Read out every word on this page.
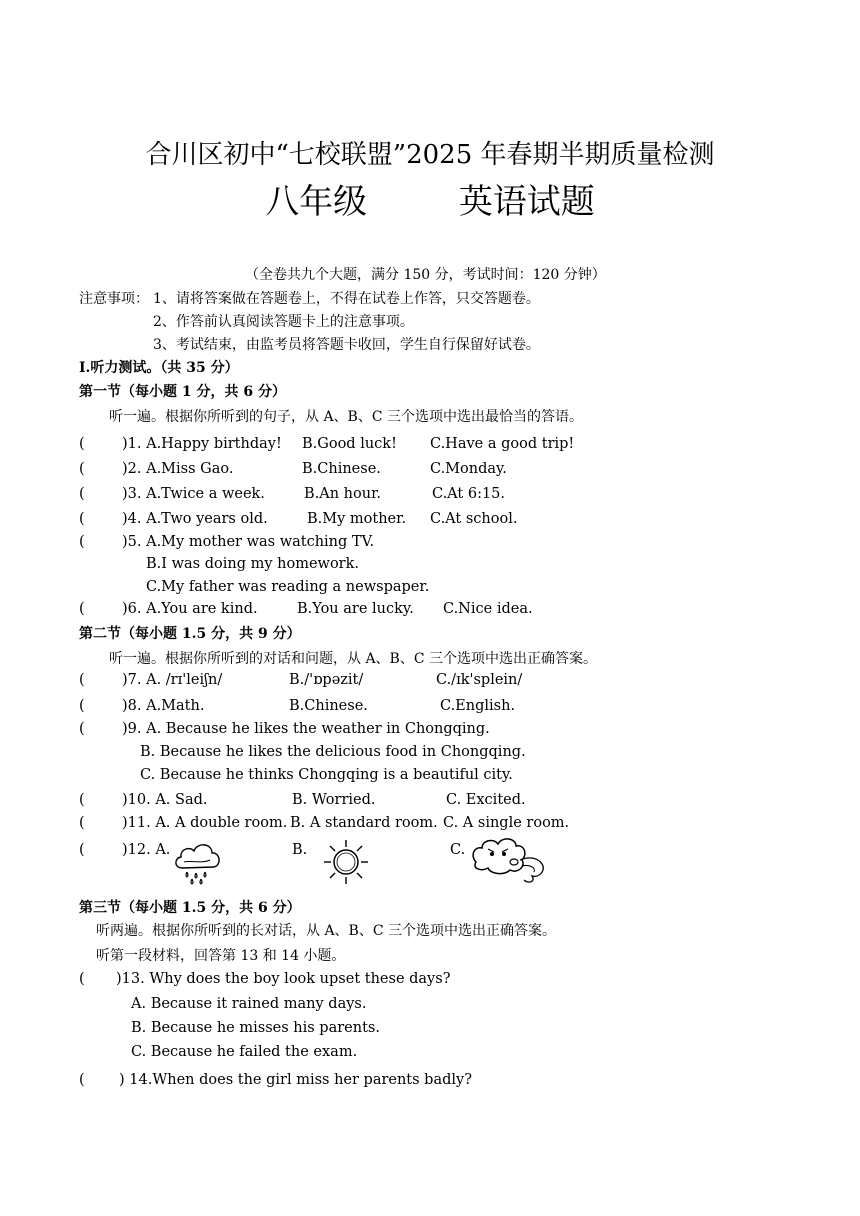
合川区初中“七校联盟”2025 年春期半期质量检测
八年级	英语试题
（全卷共九个大题，满分 150 分，考试时间：120 分钟）
注意事项： 1、请将答案做在答题卷上，不得在试卷上作答，只交答题卷。
2、作答前认真阅读答题卡上的注意事项。
3、考试结束，由监考员将答题卡收回，学生自行保留好试卷。
Ⅰ.听力测试。（共 35 分）
第一节（每小题 1 分，共 6 分）
听一遍。根据你所听到的句子，从 A、B、C 三个选项中选出最恰当的答语。
(	)1. A.Happy birthday! B.Good luck! C.Have a good trip!
(	)2. A.Miss Gao.	B.Chinese.	C.Monday.
(	)3. A.Twice a week.	B.An hour.	C.At 6:15.
(	)4. A.Two years old.	B.My mother. C.At school.
(	)5. A.My mother was watching TV.
B.I was doing my homework.
C.My father was reading a newspaper.
(	)6. A.You are kind.	B.You are lucky. C.Nice idea.
第二节（每小题 1.5 分，共 9 分）
听一遍。根据你所听到的对话和问题，从 A、B、C 三个选项中选出正确答案。
(	)7. A. /rɪ'leiʃn/	B./'ɒpəzit/	C./ɪk'splein/
(	)8. A.Math.	B.Chinese.	C.English.
(	)9. A. Because he likes the weather in Chongqing.
B. Because he likes the delicious food in Chongqing.
C. Because he thinks Chongqing is a beautiful city.
(	)10. A. Sad.	B. Worried.	C. Excited.
(	)11. A. A double room. B. A standard room. C. A single room.
(	)12. A.	B.	C.
第三节（每小题 1.5 分，共 6 分）
听两遍。根据你所听到的长对话，从 A、B、C 三个选项中选出正确答案。
听第一段材料，回答第 13 和 14 小题。
( )13. Why does the boy look upset these days?
A. Because it rained many days.
B. Because he misses his parents.
C. Because he failed the exam.
( ) 14.When does the girl miss her parents badly?
